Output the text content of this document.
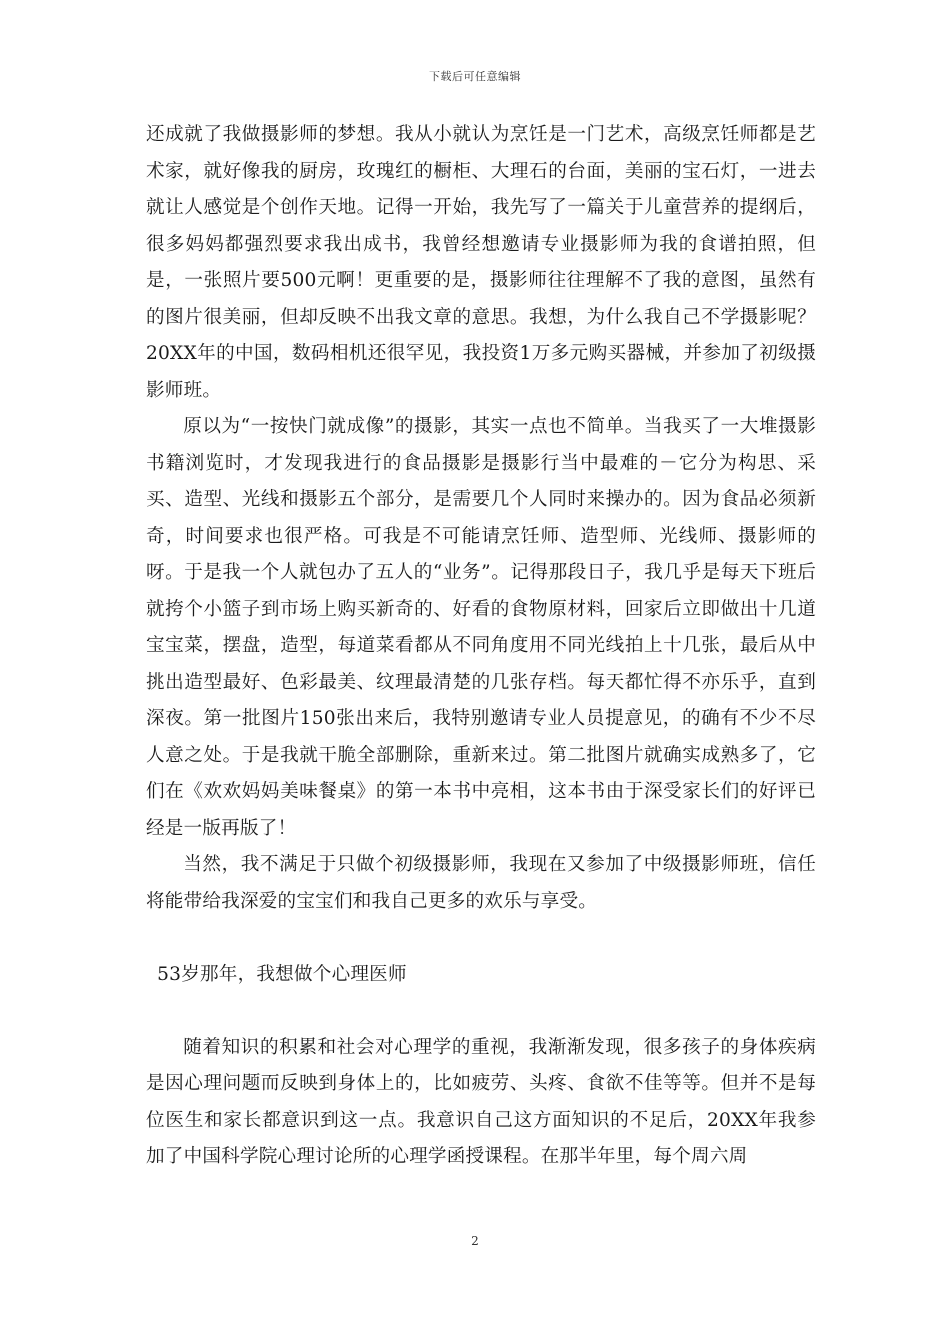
下载后可任意编辑

还成就了我做摄影师的梦想。我从小就认为烹饪是一门艺术，高级烹饪师都是艺术家，就好像我的厨房，玫瑰红的橱柜、大理石的台面，美丽的宝石灯，一进去就让人感觉是个创作天地。记得一开始，我先写了一篇关于儿童营养的提纲后，很多妈妈都强烈要求我出成书，我曾经想邀请专业摄影师为我的食谱拍照，但是，一张照片要500元啊！更重要的是，摄影师往往理解不了我的意图，虽然有的图片很美丽，但却反映不出我文章的意思。我想，为什么我自己不学摄影呢？20XX年的中国，数码相机还很罕见，我投资1万多元购买器械，并参加了初级摄影师班。

原以为“一按快门就成像”的摄影，其实一点也不简单。当我买了一大堆摄影书籍浏览时，才发现我进行的食品摄影是摄影行当中最难的－它分为构思、采买、造型、光线和摄影五个部分，是需要几个人同时来操办的。因为食品必须新奇，时间要求也很严格。可我是不可能请烹饪师、造型师、光线师、摄影师的呀。于是我一个人就包办了五人的“业务”。记得那段日子，我几乎是每天下班后就挎个小篮子到市场上购买新奇的、好看的食物原材料，回家后立即做出十几道宝宝菜，摆盘，造型，每道菜看都从不同角度用不同光线拍上十几张，最后从中挑出造型最好、色彩最美、纹理最清楚的几张存档。每天都忙得不亦乐乎，直到深夜。第一批图片150张出来后，我特别邀请专业人员提意见，的确有不少不尽人意之处。于是我就干脆全部删除，重新来过。第二批图片就确实成熟多了，它们在《欢欢妈妈美味餐桌》的第一本书中亮相，这本书由于深受家长们的好评已经是一版再版了！

当然，我不满足于只做个初级摄影师，我现在又参加了中级摄影师班，信任将能带给我深爱的宝宝们和我自己更多的欢乐与享受。

53岁那年，我想做个心理医师

随着知识的积累和社会对心理学的重视，我渐渐发现，很多孩子的身体疾病是因心理问题而反映到身体上的，比如疲劳、头疼、食欲不佳等等。但并不是每位医生和家长都意识到这一点。我意识自己这方面知识的不足后，20XX年我参加了中国科学院心理讨论所的心理学函授课程。在那半年里，每个周六周

2
